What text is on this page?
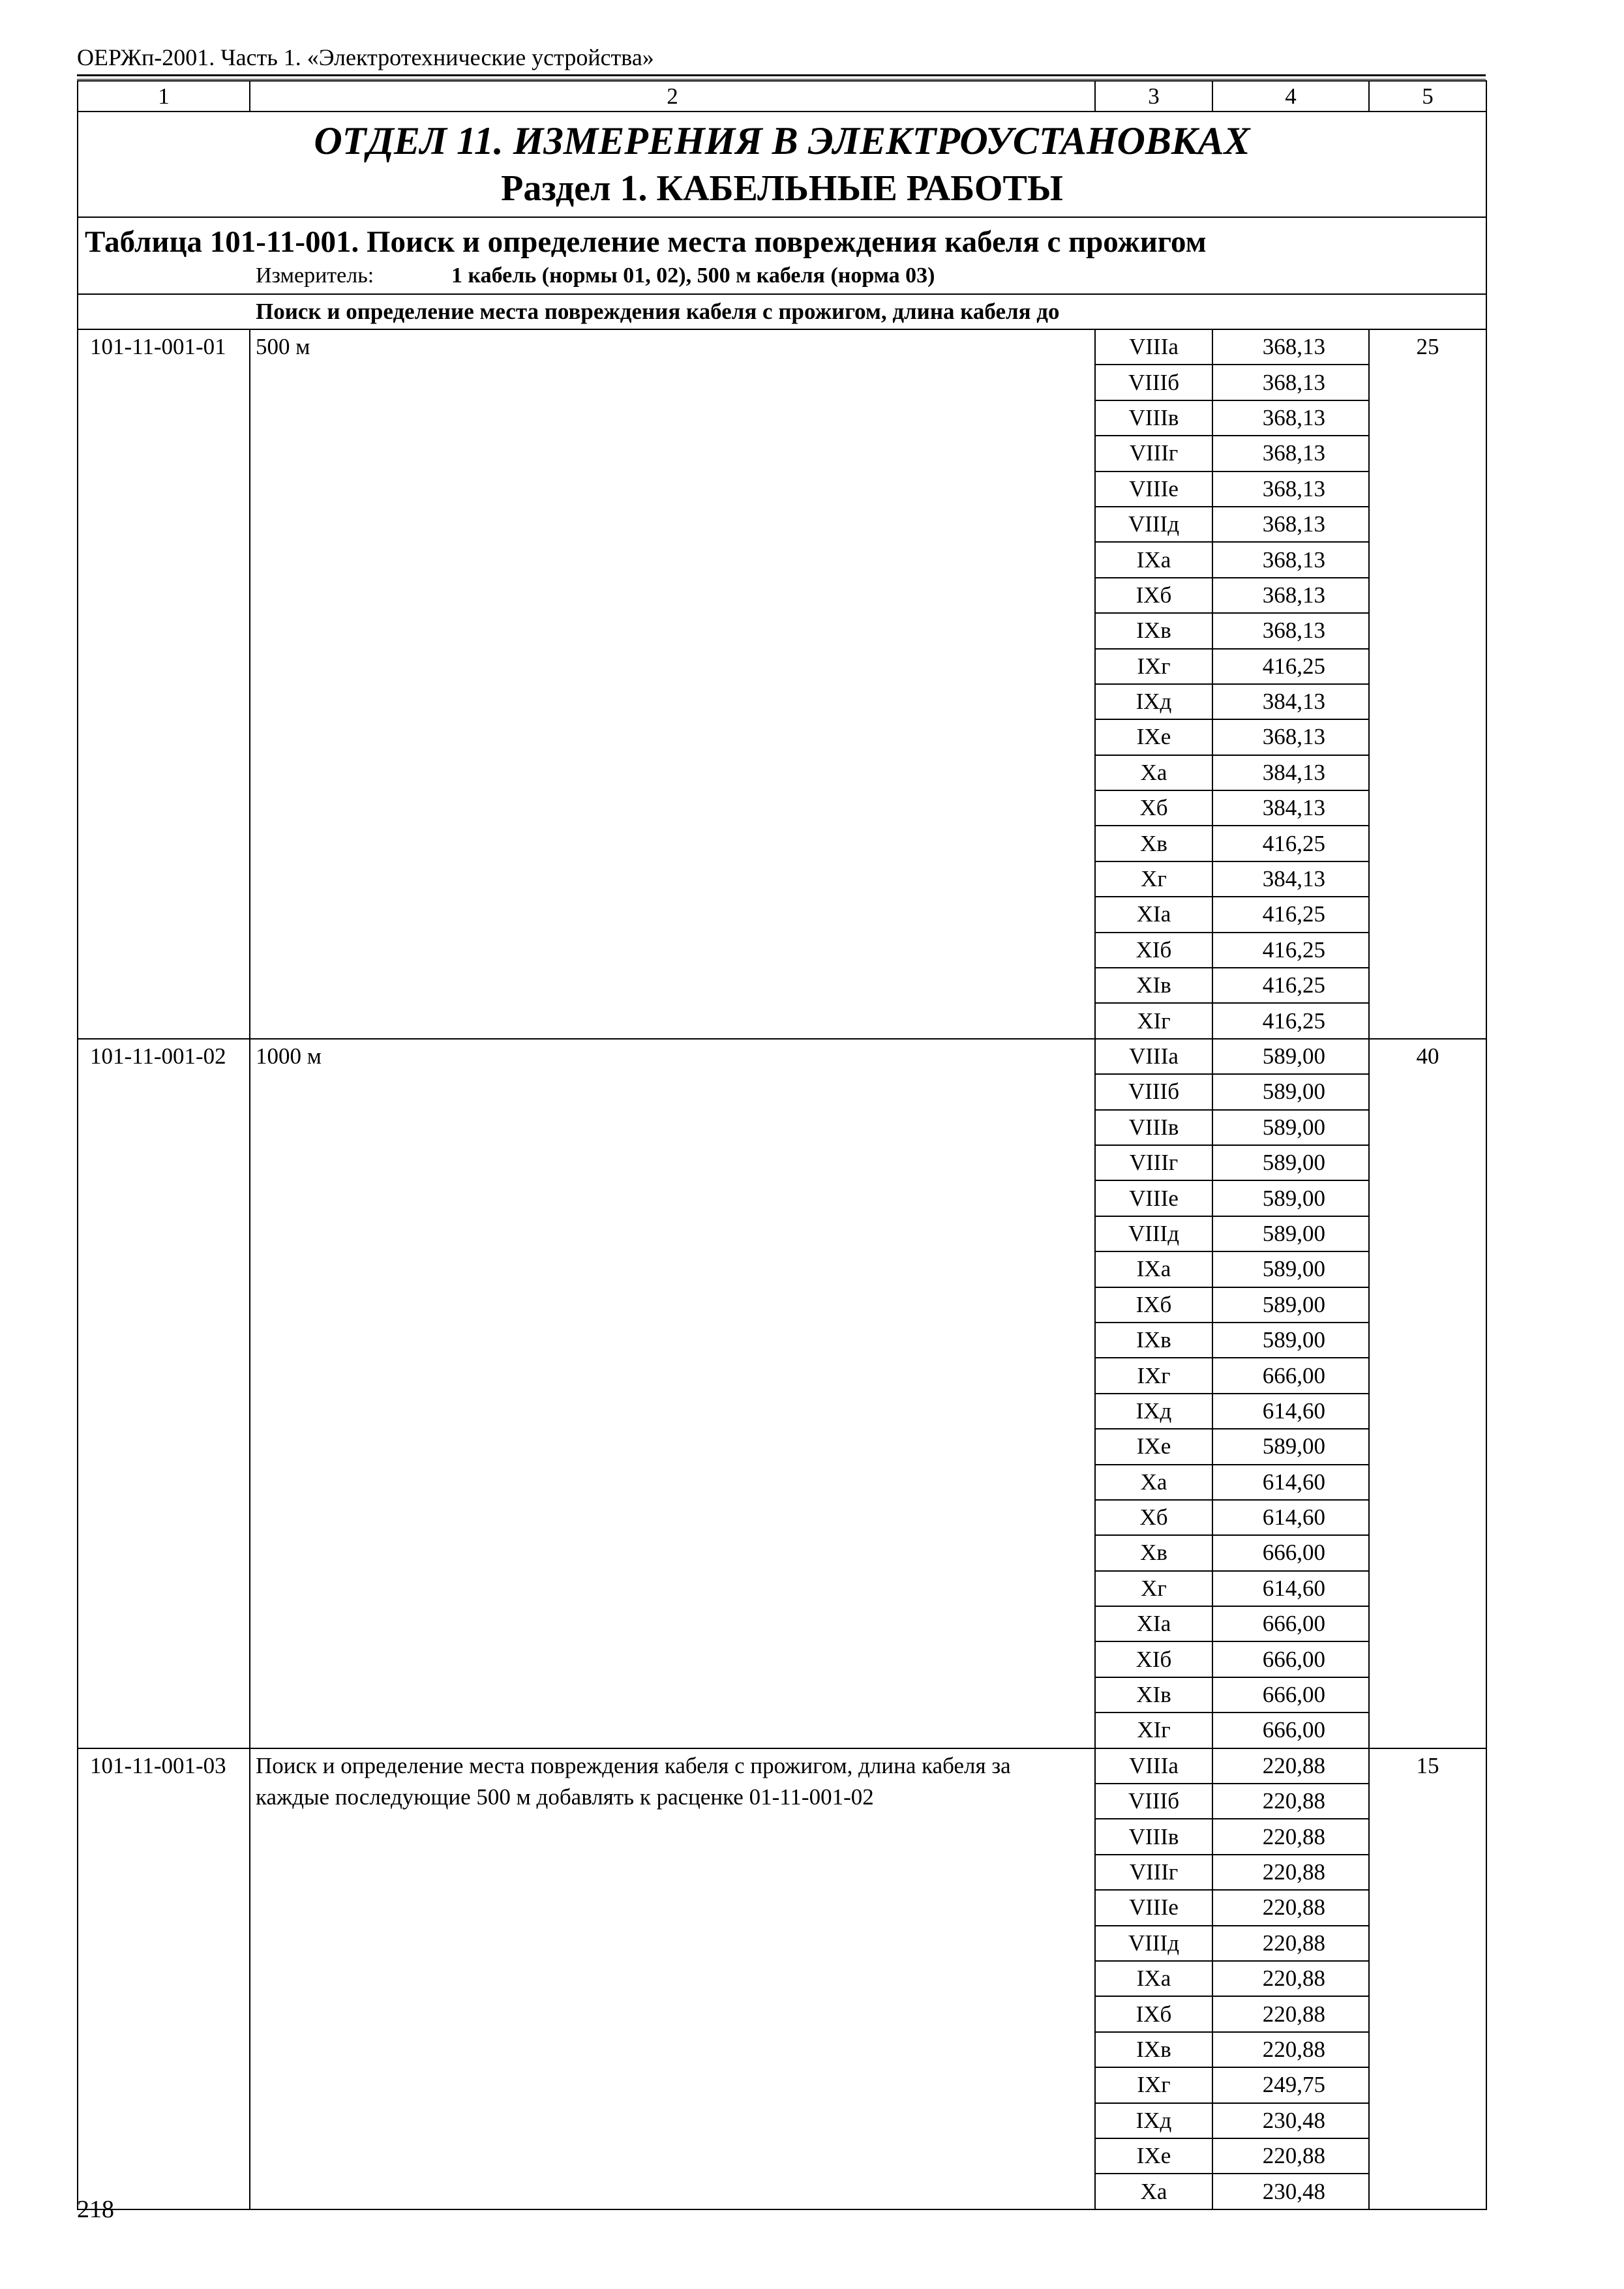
ОЕРЖп-2001. Часть 1. «Электротехнические устройства»
1	2	3	4	5

ОТДЕЛ 11. ИЗМЕРЕНИЯ В ЭЛЕКТРОУСТАНОВКАХ
Раздел 1. КАБЕЛЬНЫЕ РАБОТЫ				

Таблица 101-11-001. Поиск и определение места повреждения кабеля с прожигом
Измеритель: 1 кабель (нормы 01, 02), 500 м кабеля (норма 03)				

Поиск и определение места повреждения кабеля с прожигом, длина кабеля до				
101-11-001-01	500 м	VIIIa	368,13	25
		VIIIб	368,13	
		VIIIв	368,13	
		VIIIг	368,13	
		VIIIе	368,13	
		VIIIд	368,13	
		IXa	368,13	
		IXб	368,13	
		IXв	368,13	
		IXг	416,25	
		IXд	384,13	
		IXе	368,13	
		Xa	384,13	
		Xб	384,13	
		Xв	416,25	
		Xг	384,13	
		XIa	416,25	
		XIб	416,25	
		XIв	416,25	
		XIг	416,25	
101-11-001-02	1000 м	VIIIa	589,00	40
		VIIIб	589,00	
		VIIIв	589,00	
		VIIIг	589,00	
		VIIIе	589,00	
		VIIIд	589,00	
		IXa	589,00	
		IXб	589,00	
		IXв	589,00	
		IXг	666,00	
		IXд	614,60	
		IXе	589,00	
		Xa	614,60	
		Xб	614,60	
		Xв	666,00	
		Xг	614,60	
		XIa	666,00	
		XIб	666,00	
		XIв	666,00	
		XIг	666,00	
101-11-001-03	Поиск и определение места повреждения кабеля с прожигом, длина кабеля за каждые последующие 500 м добавлять к расценке 01-11-001-02	VIIIa	220,88	15
		VIIIб	220,88	
		VIIIв	220,88	
		VIIIг	220,88	
		VIIIе	220,88	
		VIIIд	220,88	
		IXa	220,88	
		IXб	220,88	
		IXв	220,88	
		IXг	249,75	
		IXд	230,48	
		IXе	220,88	
		Xa	230,48	
218
